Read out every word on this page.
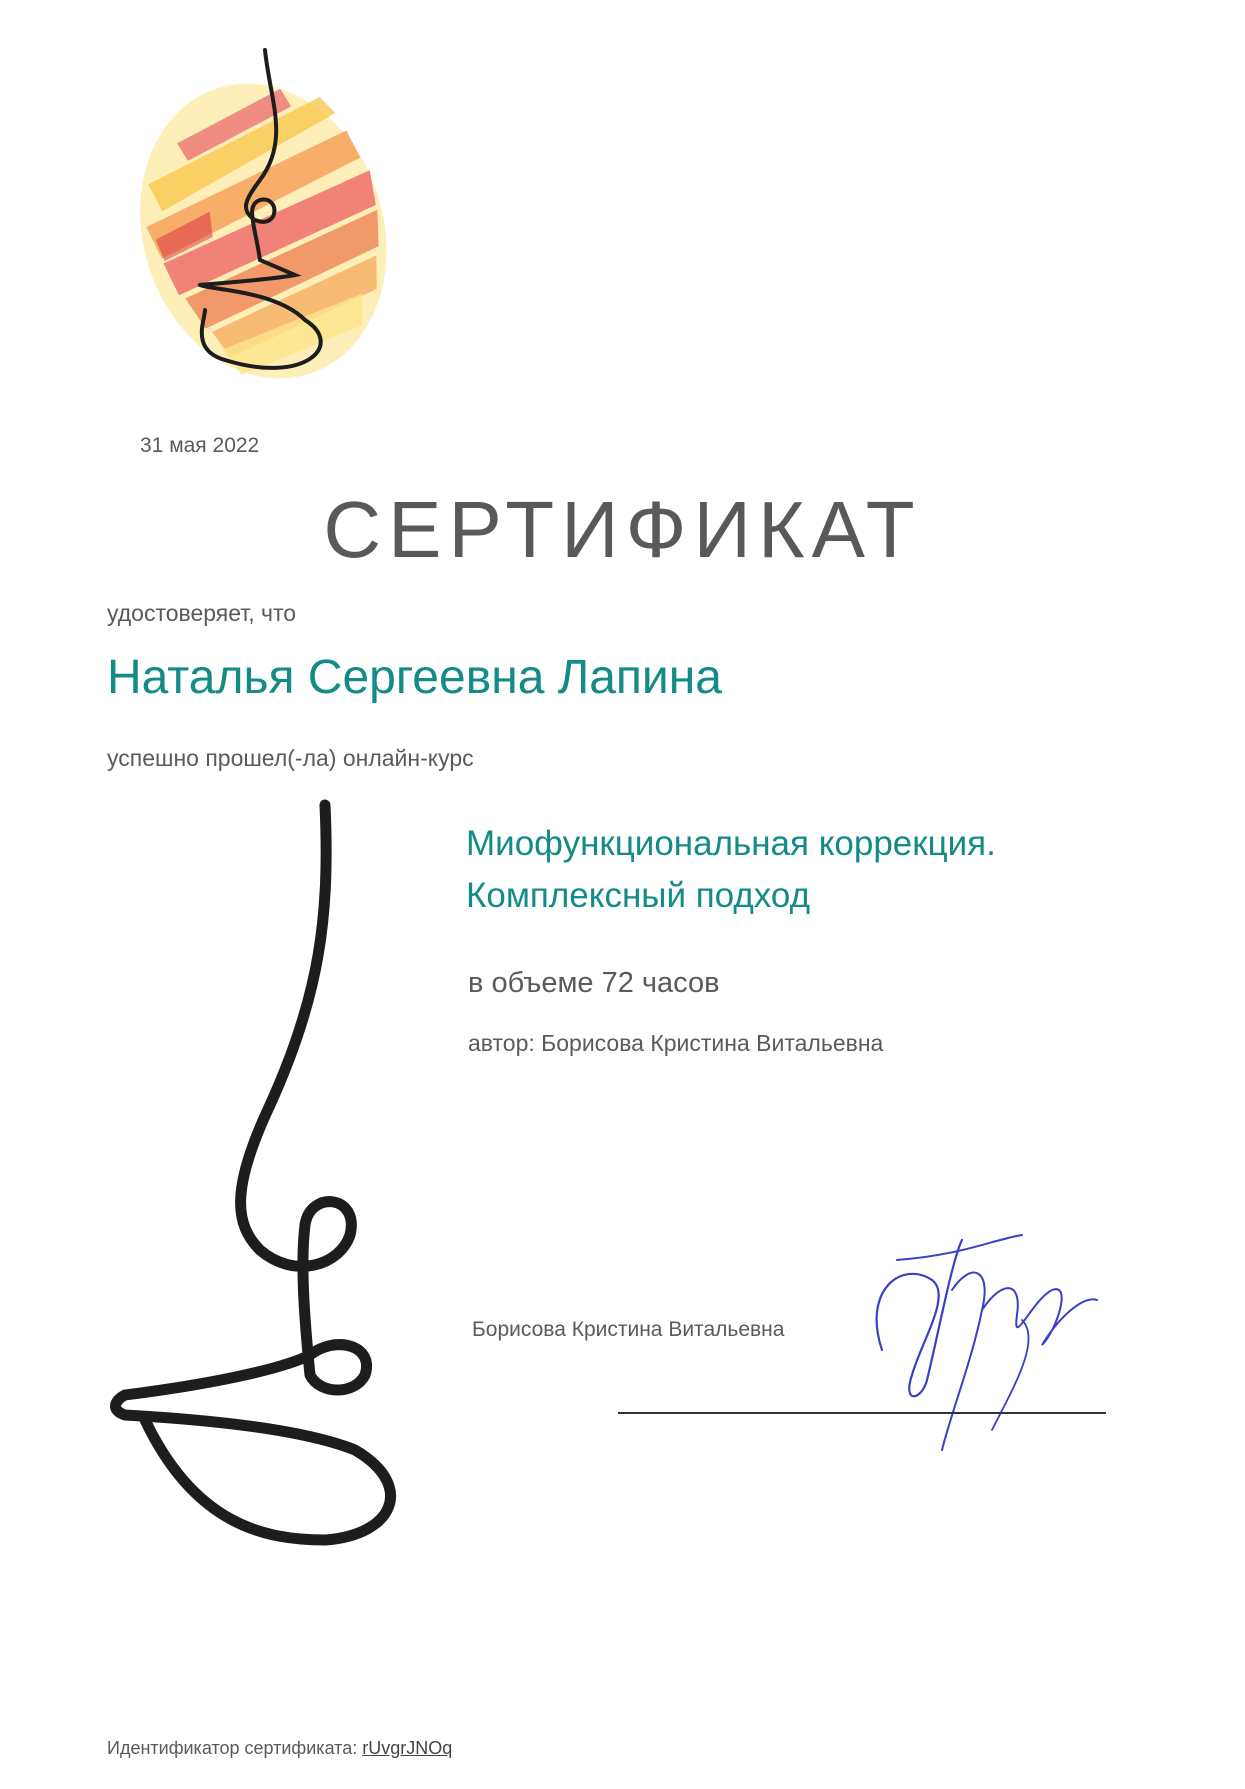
31 мая 2022
СЕРТИФИКАТ
удостоверяет, что
Наталья Сергеевна Лапина
успешно прошел(-ла) онлайн-курс
Миофункциональная коррекция.
Комплексный подход
в объеме 72 часов
автор: Борисова Кристина Витальевна
Борисова Кристина Витальевна
Идентификатор сертификата: rUvgrJNOq
